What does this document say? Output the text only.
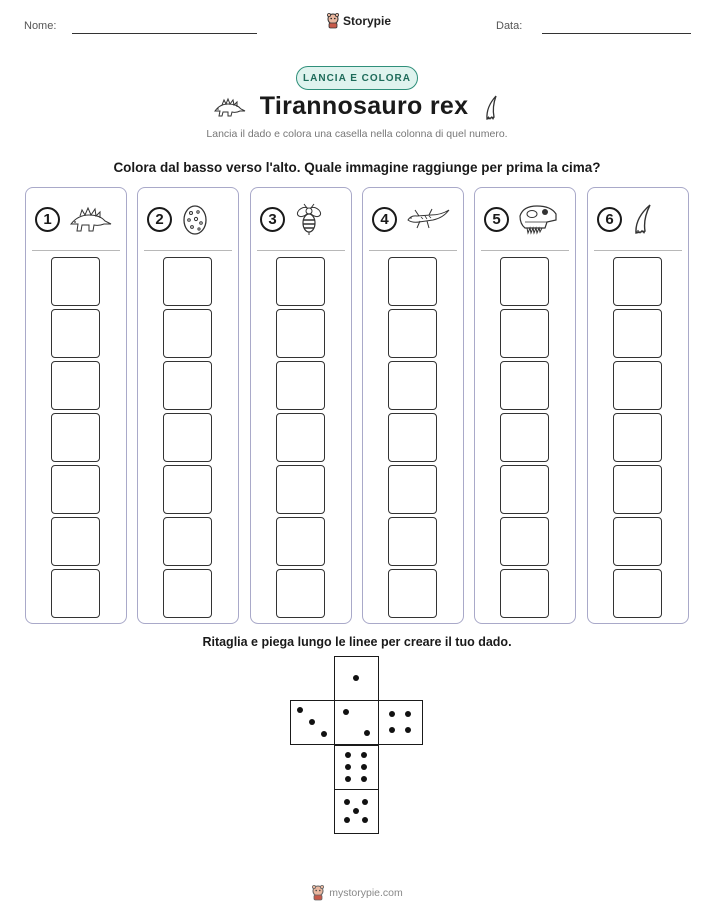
Nome:	Storypie	Data:
LANCIA E COLORA
Tirannosauro rex
Lancia il dado e colora una casella nella colonna di quel numero.
Colora dal basso verso l'alto. Quale immagine raggiunge per prima la cima?
1	2	3	4	5	6
Ritaglia e piega lungo le linee per creare il tuo dado.
mystorypie.com
